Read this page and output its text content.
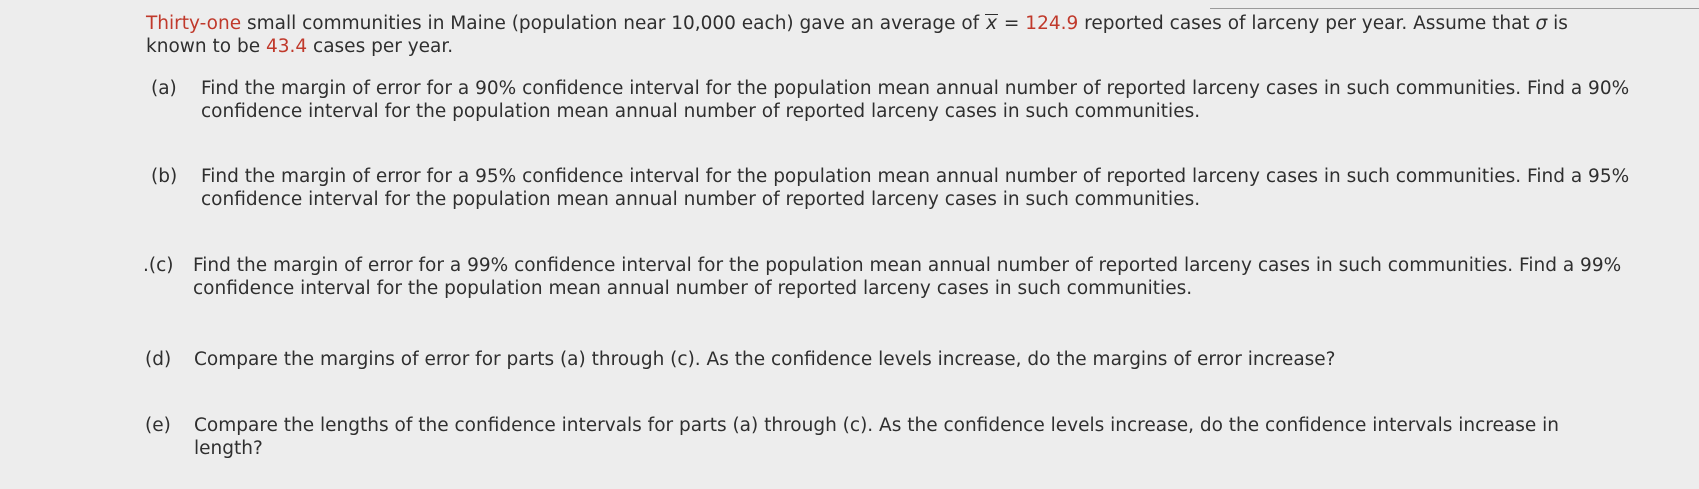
Thirty-one small communities in Maine (population near 10,000 each) gave an average of x = 124.9 reported cases of larceny per year. Assume that σ is known to be 43.4 cases per year.
(a)	Find the margin of error for a 90% confidence interval for the population mean annual number of reported larceny cases in such communities. Find a 90% confidence interval for the population mean annual number of reported larceny cases in such communities.
(b)	Find the margin of error for a 95% confidence interval for the population mean annual number of reported larceny cases in such communities. Find a 95% confidence interval for the population mean annual number of reported larceny cases in such communities.
.(c)	Find the margin of error for a 99% confidence interval for the population mean annual number of reported larceny cases in such communities. Find a 99% confidence interval for the population mean annual number of reported larceny cases in such communities.
(d)	Compare the margins of error for parts (a) through (c). As the confidence levels increase, do the margins of error increase?
(e)	Compare the lengths of the confidence intervals for parts (a) through (c). As the confidence levels increase, do the confidence intervals increase in length?
